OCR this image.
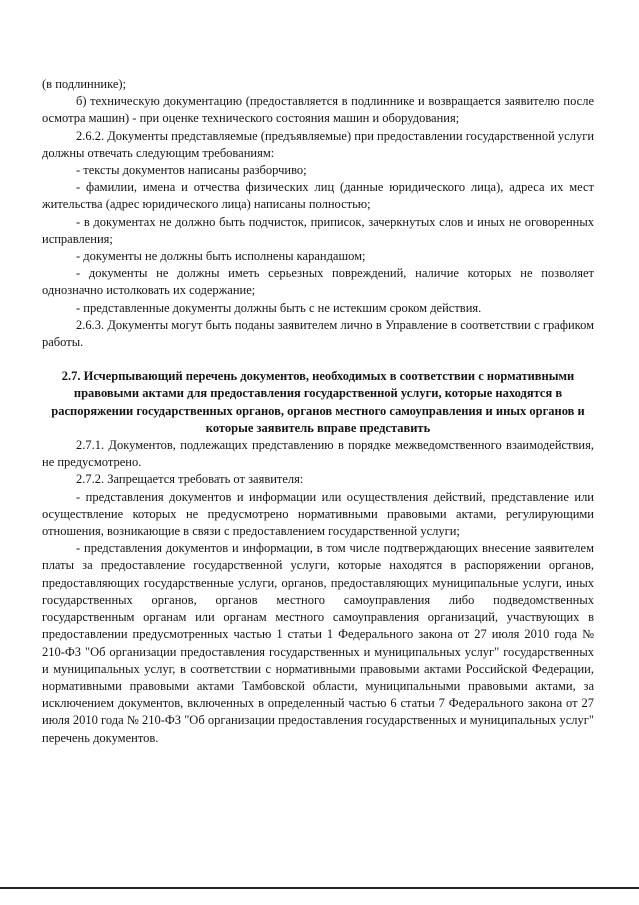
(в подлиннике);

б) техническую документацию (предоставляется в подлиннике и возвращается заявителю после осмотра машин) - при оценке технического состояния машин и оборудования;

2.6.2. Документы представляемые (предъявляемые) при предоставлении государственной услуги должны отвечать следующим требованиям:

- тексты документов написаны разборчиво;

- фамилии, имена и отчества физических лиц (данные юридического лица), адреса их мест жительства (адрес юридического лица) написаны полностью;

- в документах не должно быть подчисток, приписок, зачеркнутых слов и иных не оговоренных исправления;

- документы не должны быть исполнены карандашом;

- документы не должны иметь серьезных повреждений, наличие которых не позволяет однозначно истолковать их содержание;

- представленные документы должны быть с не истекшим сроком действия.

2.6.3. Документы могут быть поданы заявителем лично в Управление в соответствии с графиком работы.

2.7. Исчерпывающий перечень документов, необходимых в соответствии с нормативными правовыми актами для предоставления государственной услуги, которые находятся в распоряжении государственных органов, органов местного самоуправления и иных органов и которые заявитель вправе представить

2.7.1. Документов, подлежащих представлению в порядке межведомственного взаимодействия, не предусмотрено.

2.7.2. Запрещается требовать от заявителя:

- представления документов и информации или осуществления действий, представление или осуществление которых не предусмотрено нормативными правовыми актами, регулирующими отношения, возникающие в связи с предоставлением государственной услуги;

- представления документов и информации, в том числе подтверждающих внесение заявителем платы за предоставление государственной услуги, которые находятся в распоряжении органов, предоставляющих государственные услуги, органов, предоставляющих муниципальные услуги, иных государственных органов, органов местного самоуправления либо подведомственных государственным органам или органам местного самоуправления организаций, участвующих в предоставлении предусмотренных частью 1 статьи 1 Федерального закона от 27 июля 2010 года № 210-ФЗ "Об организации предоставления государственных и муниципальных услуг" государственных и муниципальных услуг, в соответствии с нормативными правовыми актами Российской Федерации, нормативными правовыми актами Тамбовской области, муниципальными правовыми актами, за исключением документов, включенных в определенный частью 6 статьи 7 Федерального закона от 27 июля 2010 года № 210-ФЗ "Об организации предоставления государственных и муниципальных услуг" перечень документов.
